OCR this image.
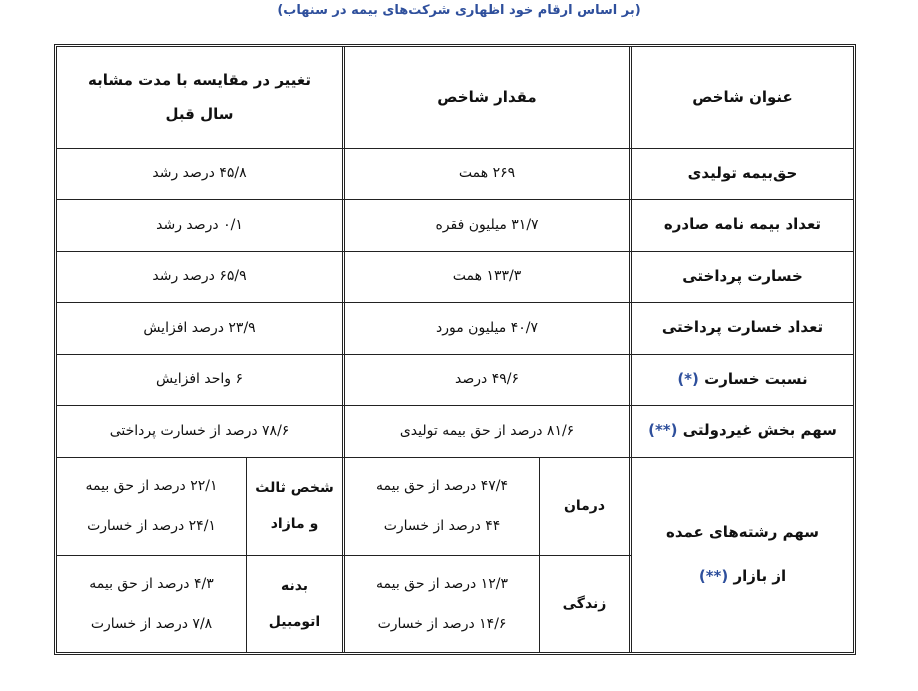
(بر اساس ارقام خود اظهاری شرکت‌های بیمه در سنهاب)
عنوان شاخص
مقدار شاخص
تغییر در مقایسه با مدت مشابه
سال قبل
حق‌بیمه تولیدی
۲۶۹ همت
۴۵/۸ درصد رشد
تعداد بیمه نامه صادره
۳۱/۷ میلیون فقره
۰/۱ درصد رشد
خسارت پرداختی
۱۳۳/۳ همت
۶۵/۹ درصد رشد
تعداد خسارت پرداختی
۴۰/۷ میلیون مورد
۲۳/۹ درصد افزایش
نسبت خسارت

(*)
۴۹/۶ درصد
۶ واحد افزایش
سهم بخش غیردولتی

(**)
۸۱/۶ درصد از حق بیمه تولیدی
۷۸/۶ درصد از خسارت پرداختی
سهم رشته‌های عمده
از بازار (**)
درمان
۴۷/۴ درصد از حق بیمه
۴۴ درصد از خسارت
زندگی
۱۲/۳ درصد از حق بیمه
۱۴/۶ درصد از خسارت
شخص ثالث
و مازاد
۲۲/۱ درصد از حق بیمه
۲۴/۱ درصد از خسارت
بدنه
اتومبیل
۴/۳ درصد از حق بیمه
۷/۸ درصد از خسارت
